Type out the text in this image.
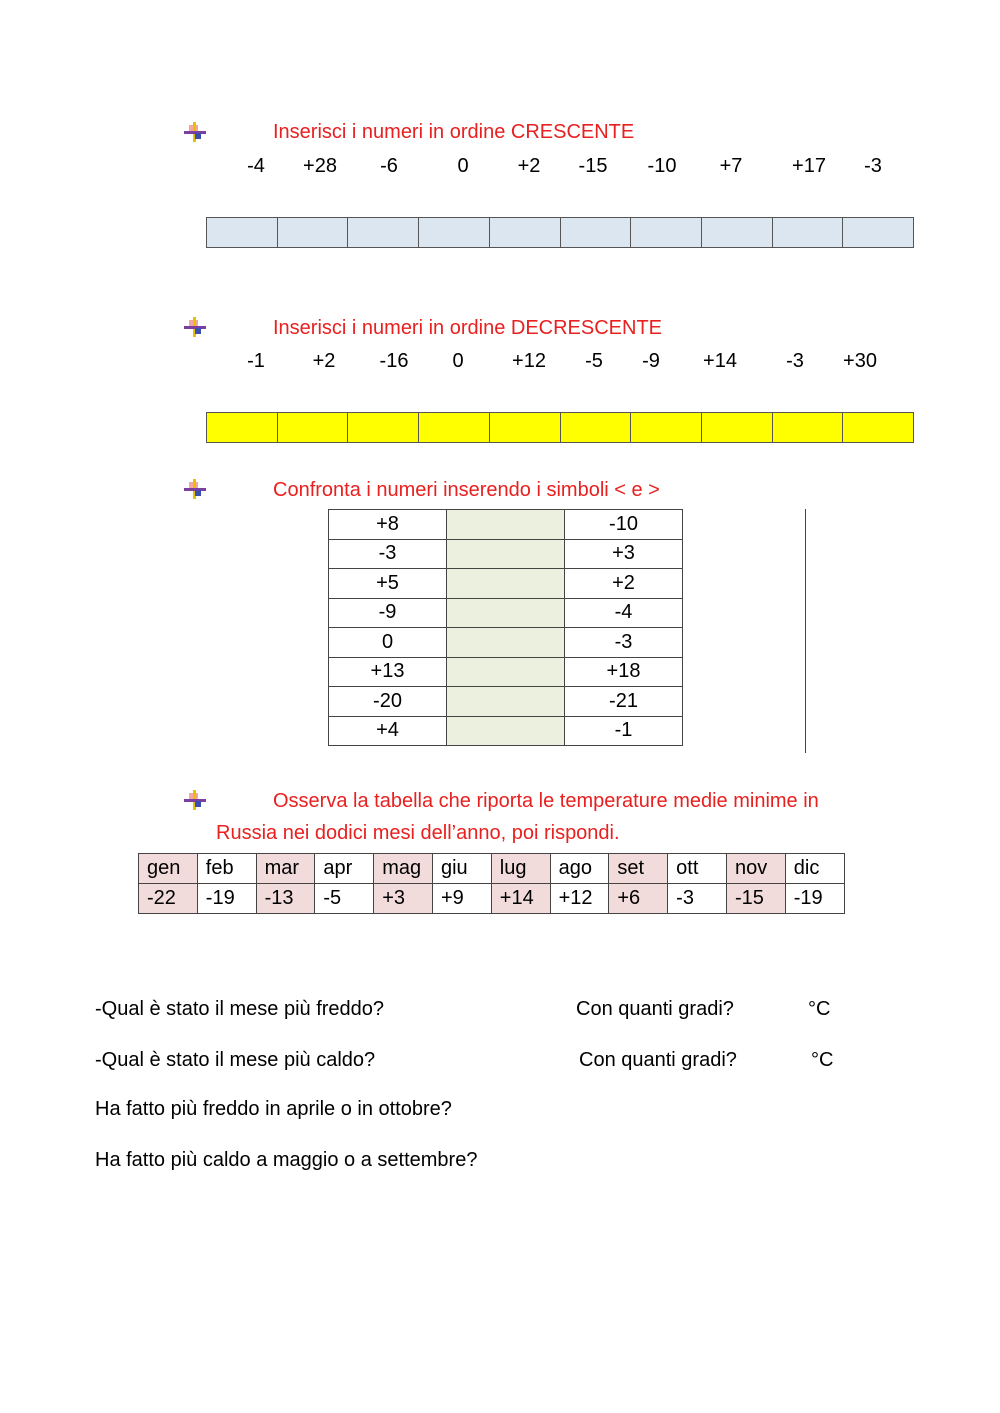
Inserisci i numeri in ordine CRESCENTE
-4	+28	-6	0	+2	-15	-10	+7	+17	-3
Inserisci i numeri in ordine DECRESCENTE
-1	+2	-16	0	+12	-5	-9	+14	-3	+30
Confronta i numeri inserendo i simboli < e >
+8		-10
-3		+3
+5		+2
-9		-4
0		-3
+13		+18
-20		-21
+4		-1
Osserva la tabella che riporta le temperature medie minime in
Russia nei dodici mesi dell’anno, poi rispondi.
gen	feb	mar	apr	mag	giu	lug	ago	set	ott	nov	dic
-22	-19	-13	-5	+3	+9	+14	+12	+6	-3	-15	-19
-Qual è stato il mese più freddo?	Con quanti gradi?	°C
-Qual è stato il mese più caldo?	Con quanti gradi?	°C
Ha fatto più freddo in aprile o in ottobre?
Ha fatto più caldo a maggio o a settembre?
